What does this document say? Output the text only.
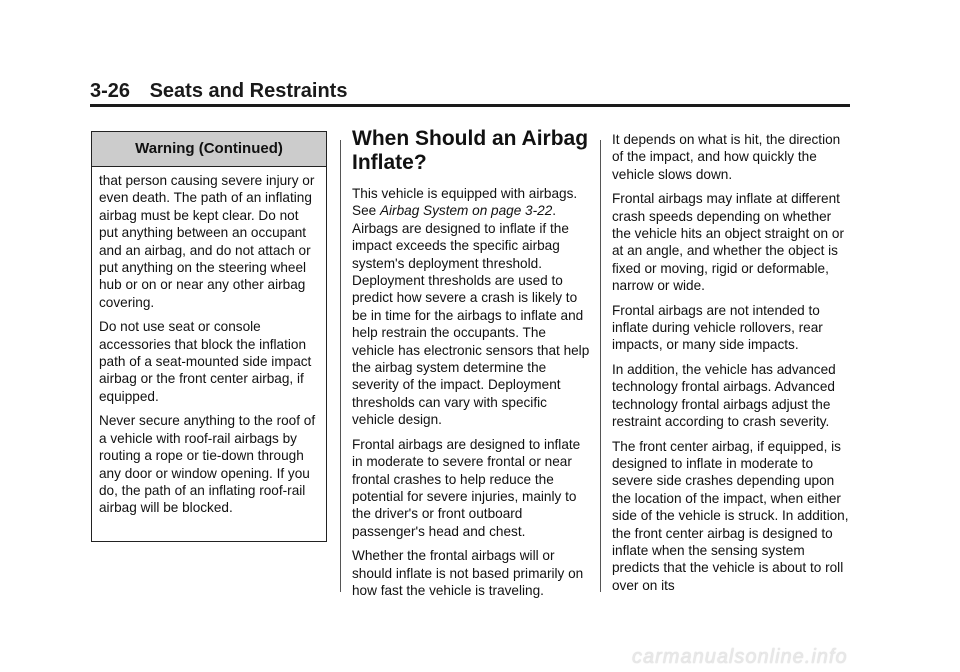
3-26 Seats and Restraints
Warning (Continued)

that person causing severe injury or even death. The path of an inflating airbag must be kept clear. Do not put anything between an occupant and an airbag, and do not attach or put anything on the steering wheel hub or on or near any other airbag covering.

Do not use seat or console accessories that block the inflation path of a seat-mounted side impact airbag or the front center airbag, if equipped.

Never secure anything to the roof of a vehicle with roof-rail airbags by routing a rope or tie-down through any door or window opening. If you do, the path of an inflating roof-rail airbag will be blocked.

When Should an Airbag Inflate?

This vehicle is equipped with airbags. See Airbag System on page 3-22. Airbags are designed to inflate if the impact exceeds the specific airbag system's deployment threshold. Deployment thresholds are used to predict how severe a crash is likely to be in time for the airbags to inflate and help restrain the occupants. The vehicle has electronic sensors that help the airbag system determine the severity of the impact. Deployment thresholds can vary with specific vehicle design.

Frontal airbags are designed to inflate in moderate to severe frontal or near frontal crashes to help reduce the potential for severe injuries, mainly to the driver's or front outboard passenger's head and chest.

Whether the frontal airbags will or should inflate is not based primarily on how fast the vehicle is traveling.

It depends on what is hit, the direction of the impact, and how quickly the vehicle slows down.

Frontal airbags may inflate at different crash speeds depending on whether the vehicle hits an object straight on or at an angle, and whether the object is fixed or moving, rigid or deformable, narrow or wide.

Frontal airbags are not intended to inflate during vehicle rollovers, rear impacts, or many side impacts.

In addition, the vehicle has advanced technology frontal airbags. Advanced technology frontal airbags adjust the restraint according to crash severity.

The front center airbag, if equipped, is designed to inflate in moderate to severe side crashes depending upon the location of the impact, when either side of the vehicle is struck. In addition, the front center airbag is designed to inflate when the sensing system predicts that the vehicle is about to roll over on its

carmanualsonline.info
